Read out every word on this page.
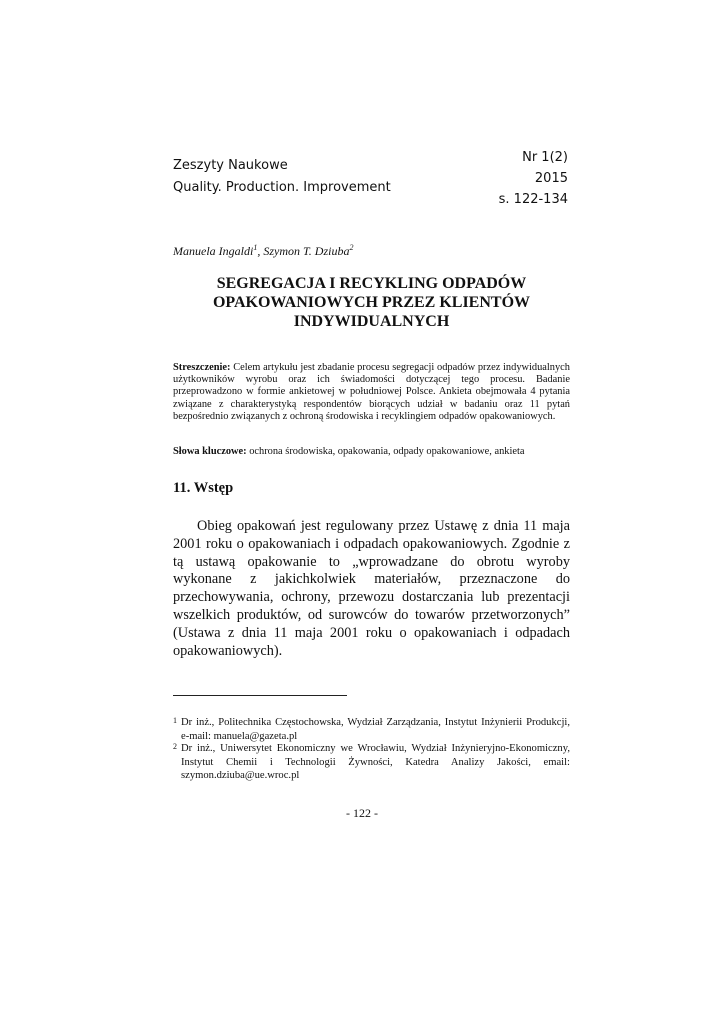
Zeszyty Naukowe
Quality. Production. Improvement
Nr 1(2)
2015
s. 122-134
Manuela Ingaldi$^1$, Szymon T. Dziuba$^2$
SEGREGACJA I RECYKLING ODPADÓW
OPAKOWANIOWYCH PRZEZ KLIENTÓW
INDYWIDUALNYCH
Streszczenie: Celem artykułu jest zbadanie procesu segregacji odpadów przez indywidualnych użytkowników wyrobu oraz ich świadomości dotyczącej tego procesu. Badanie przeprowadzono w formie ankietowej w południowej Polsce. Ankieta obejmowała 4 pytania związane z charakterystyką respondentów biorących udział w badaniu oraz 11 pytań bezpośrednio związanych z ochroną środowiska i recyklingiem odpadów opakowaniowych.
Słowa kluczowe: ochrona środowiska, opakowania, odpady opakowaniowe, ankieta
11. Wstęp
Obieg opakowań jest regulowany przez Ustawę z dnia 11 maja 2001 roku o opakowaniach i odpadach opakowaniowych. Zgodnie z tą ustawą opakowanie to „wprowadzane do obrotu wyroby wykonane z jakichkolwiek materiałów, przeznaczone do przechowywania, ochrony, przewozu dostarczania lub prezentacji wszelkich produktów, od surowców do towarów przetworzonych” (Ustawa z dnia 11 maja 2001 roku o opakowaniach i odpadach opakowaniowych).
1 Dr inż., Politechnika Częstochowska, Wydział Zarządzania, Instytut Inżynierii Produkcji, e-mail: manuela@gazeta.pl
2 Dr inż., Uniwersytet Ekonomiczny we Wrocławiu, Wydział Inżynieryjno-Ekonomiczny, Instytut Chemii i Technologii Żywności, Katedra Analizy Jakości, email: szymon.dziuba@ue.wroc.pl
- 122 -
